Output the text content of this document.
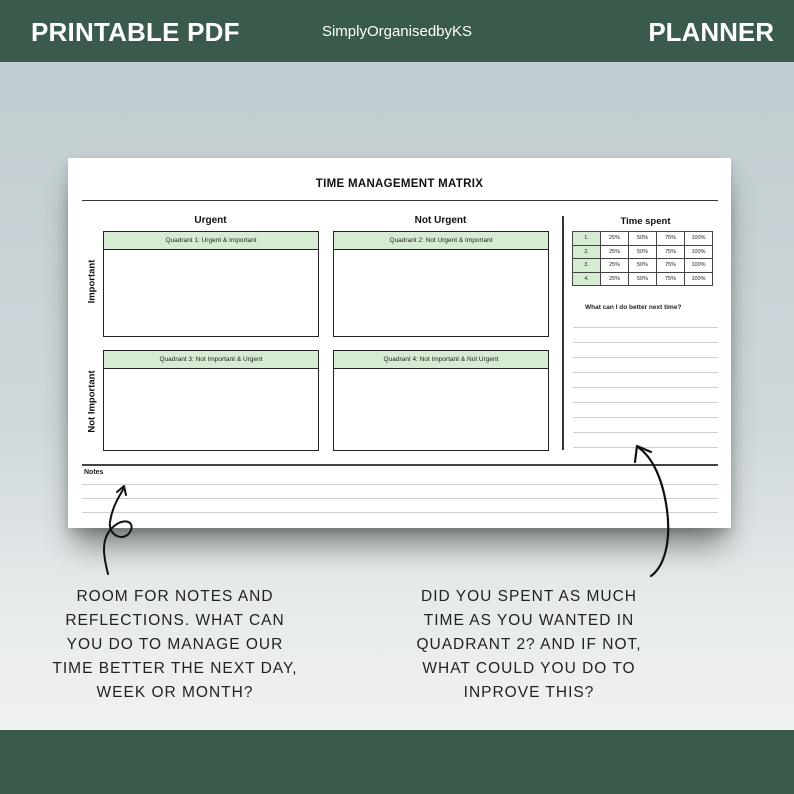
PRINTABLE PDF	SimplyOrganisedbyKS	PLANNER
TIME MANAGEMENT MATRIX
Urgent	Not Urgent
Important
Not Important
Quadrant 1: Urgent & Important	Quadrant 2: Not Urgent & Important
Quadrant 3: Not Important & Urgent	Quadrant 4: Not Important & Not Urgent
Time spent
1.	25%	50%	75%	100%
2.	25%	50%	75%	100%
3.	25%	50%	75%	100%
4.	25%	50%	75%	100%
What can I do better next time?
Notes
ROOM FOR NOTES AND REFLECTIONS. WHAT CAN YOU DO TO MANAGE OUR TIME BETTER THE NEXT DAY, WEEK OR MONTH?
DID YOU SPENT AS MUCH TIME AS YOU WANTED IN QUADRANT 2? AND IF NOT, WHAT COULD YOU DO TO INPROVE THIS?
